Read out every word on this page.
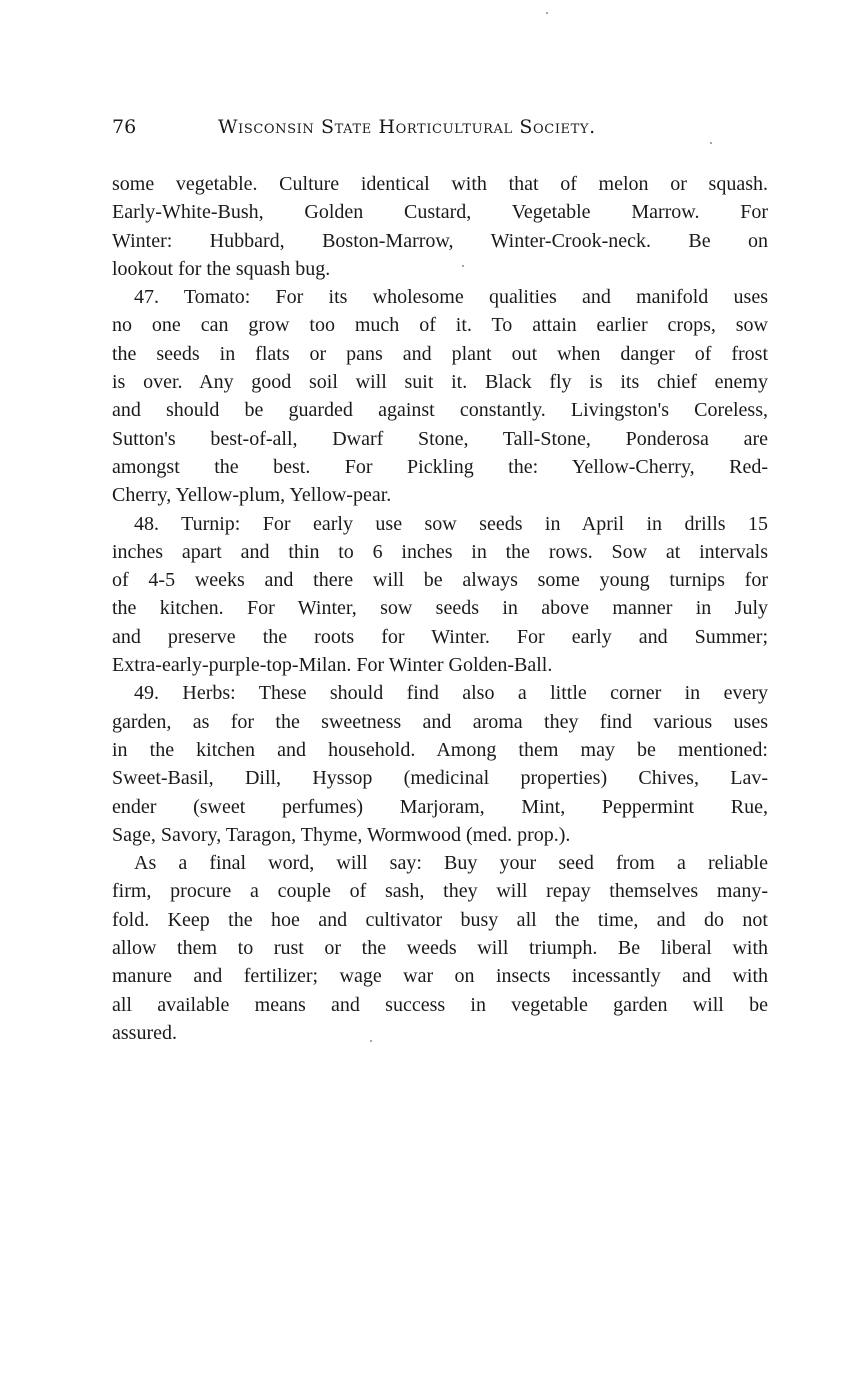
76	Wisconsin State Horticultural Society.
some vegetable. Culture identical with that of melon or squash.
Early-White-Bush, Golden Custard, Vegetable Marrow. For
Winter: Hubbard, Boston-Marrow, Winter-Crook-neck. Be on
lookout for the squash bug.
47. Tomato: For its wholesome qualities and manifold uses
no one can grow too much of it. To attain earlier crops, sow
the seeds in flats or pans and plant out when danger of frost
is over. Any good soil will suit it. Black fly is its chief enemy
and should be guarded against constantly. Livingston's Coreless,
Sutton's best-of-all, Dwarf Stone, Tall-Stone, Ponderosa are
amongst the best. For Pickling the: Yellow-Cherry, Red-
Cherry, Yellow-plum, Yellow-pear.
48. Turnip: For early use sow seeds in April in drills 15
inches apart and thin to 6 inches in the rows. Sow at intervals
of 4-5 weeks and there will be always some young turnips for
the kitchen. For Winter, sow seeds in above manner in July
and preserve the roots for Winter. For early and Summer;
Extra-early-purple-top-Milan. For Winter Golden-Ball.
49. Herbs: These should find also a little corner in every
garden, as for the sweetness and aroma they find various uses
in the kitchen and household. Among them may be mentioned:
Sweet-Basil, Dill, Hyssop (medicinal properties) Chives, Lav-
ender (sweet perfumes) Marjoram, Mint, Peppermint Rue,
Sage, Savory, Taragon, Thyme, Wormwood (med. prop.).
As a final word, will say: Buy your seed from a reliable
firm, procure a couple of sash, they will repay themselves many-
fold. Keep the hoe and cultivator busy all the time, and do not
allow them to rust or the weeds will triumph. Be liberal with
manure and fertilizer; wage war on insects incessantly and with
all available means and success in vegetable garden will be
assured.
